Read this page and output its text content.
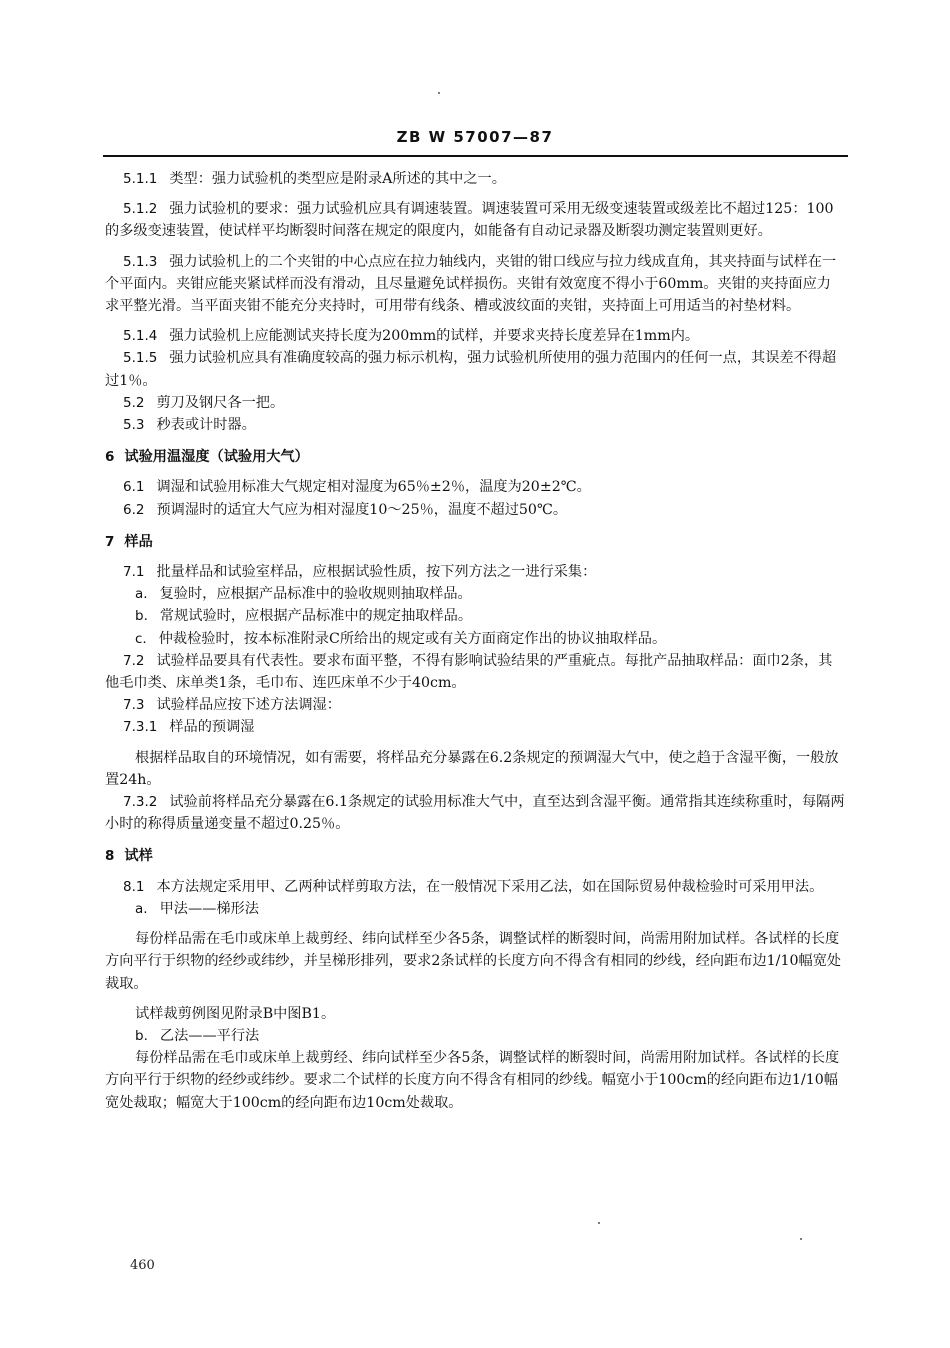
ZB W 57007—87

5.1.1 类型：强力试验机的类型应是附录A所述的其中之一。

5.1.2 强力试验机的要求：强力试验机应具有调速装置。调速装置可采用无级变速装置或级差比不超过125：100的多级变速装置，使试样平均断裂时间落在规定的限度内，如能备有自动记录器及断裂功测定装置则更好。

5.1.3 强力试验机上的二个夹钳的中心点应在拉力轴线内，夹钳的钳口线应与拉力线成直角，其夹持面与试样在一个平面内。夹钳应能夹紧试样而没有滑动，且尽量避免试样损伤。夹钳有效宽度不得小于60mm。夹钳的夹持面应力求平整光滑。当平面夹钳不能充分夹持时，可用带有线条、槽或波纹面的夹钳，夹持面上可用适当的衬垫材料。

5.1.4 强力试验机上应能测试夹持长度为200mm的试样，并要求夹持长度差异在1mm内。

5.1.5 强力试验机应具有准确度较高的强力标示机构，强力试验机所使用的强力范围内的任何一点，其误差不得超过1％。

5.2 剪刀及钢尺各一把。

5.3 秒表或计时器。

6 试验用温湿度（试验用大气）

6.1 调湿和试验用标准大气规定相对湿度为65％±2％，温度为20±2℃。

6.2 预调湿时的适宜大气应为相对湿度10～25％，温度不超过50℃。

7 样品

7.1 批量样品和试验室样品，应根据试验性质，按下列方法之一进行采集：

a. 复验时，应根据产品标准中的验收规则抽取样品。

b. 常规试验时，应根据产品标准中的规定抽取样品。

c. 仲裁检验时，按本标准附录C所给出的规定或有关方面商定作出的协议抽取样品。

7.2 试验样品要具有代表性。要求布面平整，不得有影响试验结果的严重疵点。每批产品抽取样品：面巾2条，其他毛巾类、床单类1条，毛巾布、连匹床单不少于40cm。

7.3 试验样品应按下述方法调湿：

7.3.1 样品的预调湿

根据样品取自的环境情况，如有需要，将样品充分暴露在6.2条规定的预调湿大气中，使之趋于含湿平衡，一般放置24h。

7.3.2 试验前将样品充分暴露在6.1条规定的试验用标准大气中，直至达到含湿平衡。通常指其连续称重时，每隔两小时的称得质量递变量不超过0.25％。

8 试样

8.1 本方法规定采用甲、乙两种试样剪取方法，在一般情况下采用乙法，如在国际贸易仲裁检验时可采用甲法。

a. 甲法——梯形法

每份样品需在毛巾或床单上裁剪经、纬向试样至少各5条，调整试样的断裂时间，尚需用附加试样。各试样的长度方向平行于织物的经纱或纬纱，并呈梯形排列，要求2条试样的长度方向不得含有相同的纱线，经向距布边1/10幅宽处裁取。

试样裁剪例图见附录B中图B1。

b. 乙法——平行法

每份样品需在毛巾或床单上裁剪经、纬向试样至少各5条，调整试样的断裂时间，尚需用附加试样。各试样的长度方向平行于织物的经纱或纬纱。要求二个试样的长度方向不得含有相同的纱线。幅宽小于100cm的经向距布边1/10幅宽处裁取；幅宽大于100cm的经向距布边10cm处裁取。

460
